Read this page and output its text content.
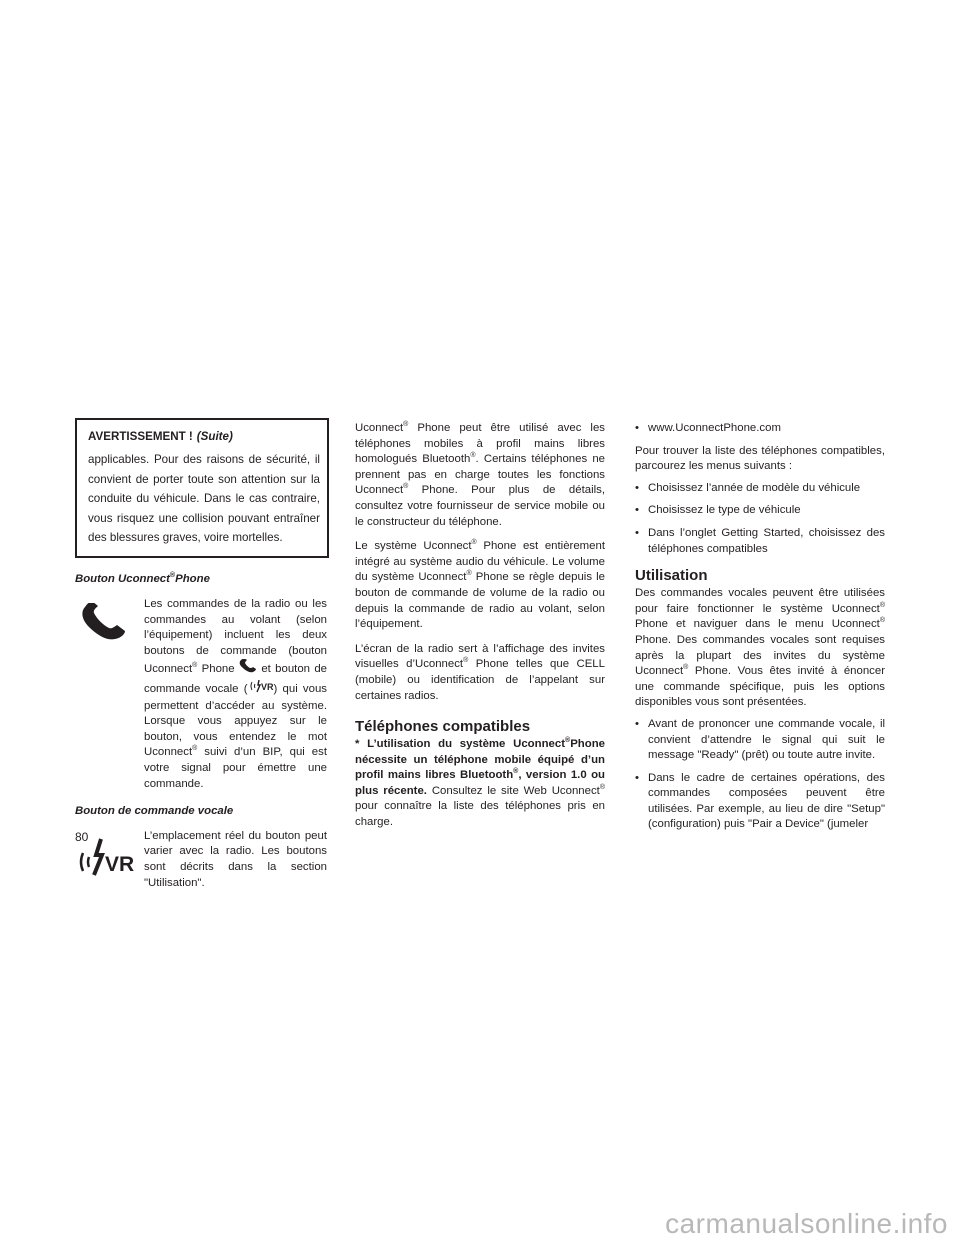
AVERTISSEMENT ! (Suite)

applicables. Pour des raisons de sécurité, il convient de porter toute son attention sur la conduite du véhicule. Dans le cas contraire, vous risquez une collision pouvant entraîner des blessures graves, voire mortelles.

Bouton Uconnect®Phone

Les commandes de la radio ou les commandes au volant (selon l’équipement) incluent les deux boutons de commande (bouton Uconnect® Phone et bouton de commande vocale ( VR ) qui vous permettent d’accéder au système. Lorsque vous appuyez sur le bouton, vous entendez le mot Uconnect® suivi d’un BIP, qui est votre signal pour émettre une commande.

Bouton de commande vocale
VR

L’emplacement réel du bouton peut varier avec la radio. Les boutons sont décrits dans la section "Utilisation".

Uconnect® Phone peut être utilisé avec les téléphones mobiles à profil mains libres homologués Bluetooth®. Certains téléphones ne prennent pas en charge toutes les fonctions Uconnect® Phone. Pour plus de détails, consultez votre fournisseur de service mobile ou le constructeur du téléphone.

Le système Uconnect® Phone est entièrement intégré au système audio du véhicule. Le volume du système Uconnect® Phone se règle depuis le bouton de commande de volume de la radio ou depuis la commande de radio au volant, selon l’équipement.

L’écran de la radio sert à l’affichage des invites visuelles d’Uconnect® Phone telles que CELL (mobile) ou identification de l’appelant sur certaines radios.

Téléphones compatibles

* L’utilisation du système Uconnect®Phone nécessite un téléphone mobile équipé d’un profil mains libres Bluetooth®, version 1.0 ou plus récente. Consultez le site Web Uconnect® pour connaître la liste des téléphones pris en charge.

• www.UconnectPhone.com

Pour trouver la liste des téléphones compatibles, parcourez les menus suivants :

• Choisissez l’année de modèle du véhicule
• Choisissez le type de véhicule
• Dans l’onglet Getting Started, choisissez des téléphones compatibles
Utilisation

Des commandes vocales peuvent être utilisées pour faire fonctionner le système Uconnect® Phone et naviguer dans le menu Uconnect® Phone. Des commandes vocales sont requises après la plupart des invites du système Uconnect® Phone. Vous êtes invité à énoncer une commande spécifique, puis les options disponibles vous sont présentées.

• Avant de prononcer une commande vocale, il convient d’attendre le signal qui suit le message "Ready" (prêt) ou toute autre invite.
• Dans le cadre de certaines opérations, des commandes composées peuvent être utilisées. Par exemple, au lieu de dire "Setup" (configuration) puis "Pair a Device" (jumeler
80
carmanualsonline.info
